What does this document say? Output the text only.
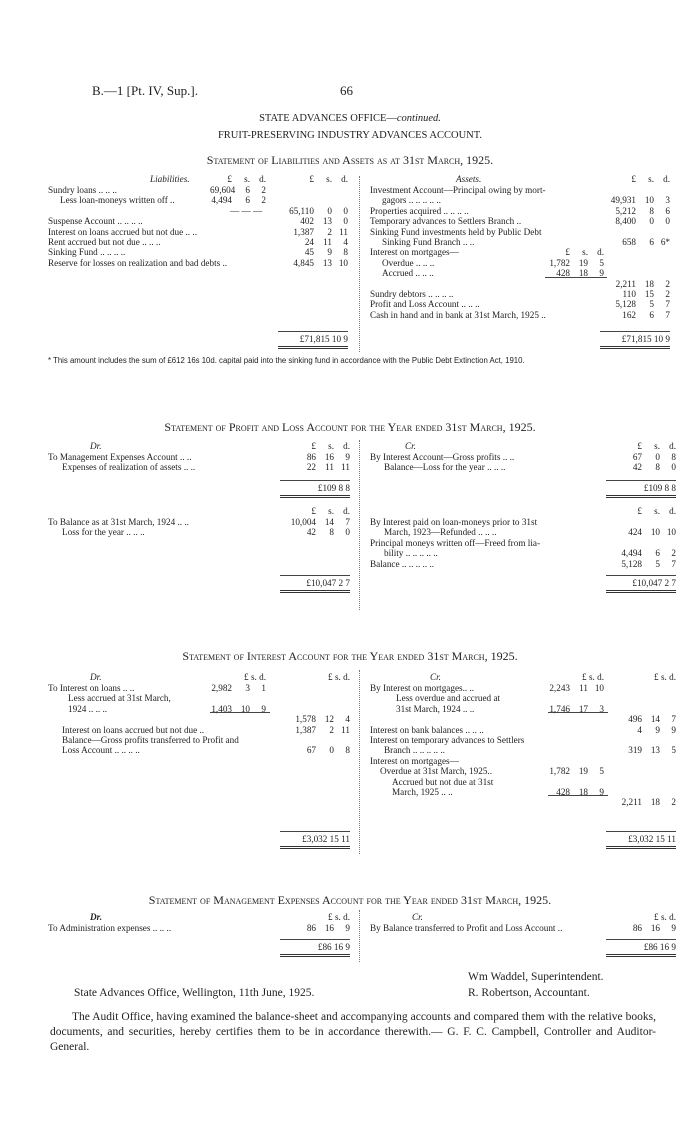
B.—1 [Pt. IV, Sup.].	66
STATE ADVANCES OFFICE—continued.
FRUIT-PRESERVING INDUSTRY ADVANCES ACCOUNT.
Statement of Liabilities and Assets as at 31st March, 1925.
Liabilities.	Assets.
£	s. d.	£	s. d.	£	s. d.
Sundry loans .. .. ..	69,604	6	2
Less loan-moneys written off ..	4,494	6	2
— — —	65,110	0	0
Suspense Account .. .. .. ..	402 13	0
Interest on loans accrued but not due .. ..	1,387	2 11
Rent accrued but not due .. .. ..	24 11	4
Sinking Fund .. .. .. ..	45	9	8
Reserve for losses on realization and bad debts ..	4,845 13 10
£71,815 10 9
Investment Account—Principal owing by mort-
gagors .. .. .. .. ..	49,931 10	3
Properties acquired .. .. .. ..	5,212	8	6
Temporary advances to Settlers Branch ..	8,400	0	0
Sinking Fund investments held by Public Debt
Sinking Fund Branch .. ..	658	6 6*
Interest on mortgages—	£	s. d.
Overdue .. .. ..	1,782 19	5
Accrued .. .. ..	428 18	9
2,211 18	2
Sundry debtors .. .. .. ..	110 15	2
Profit and Loss Account .. .. ..	5,128	5	7
Cash in hand and in bank at 31st March, 1925 ..	162	6	7
£71,815 10 9
* This amount includes the sum of £612 16s 10d. capital paid into the sinking fund in accordance with the Public Debt Extinction Act, 1910.
Statement of Profit and Loss Account for the Year ended 31st March, 1925.
Dr.	Cr.
£	s. d.	£	s. d.
To Management Expenses Account .. ..	86 16	9
Expenses of realization of assets .. ..	22 11 11
£109 8 8
By Interest Account—Gross profits .. ..	67	0	8
Balance—Loss for the year .. .. ..	42	8	0
£109 8 8
£	s. d.	£	s. d.
To Balance as at 31st March, 1924 .. ..	10,004 14	7
Loss for the year .. .. ..	42	8	0
£10,047 2 7
By Interest paid on loan-moneys prior to 31st
March, 1923—Refunded .. .. ..	424 10 10
Principal moneys written off—Freed from lia-
bility .. .. .. .. ..	4,494	6	2
Balance .. .. .. .. ..	5,128	5	7
£10,047 2 7
Statement of Interest Account for the Year ended 31st March, 1925.
Dr.	Cr.
£ s. d.	£ s. d.	£ s. d.	£ s. d.
To Interest on loans .. ..	2,982	3	1
Less accrued at 31st March,
1924 .. .. ..	1,403 10	9
1,578 12	4
Interest on loans accrued but not due ..	1,387	2 11
Balance—Gross profits transferred to Profit and
Loss Account .. .. .. ..	67	0	8
£3,032 15 11
By Interest on mortgages.. ..	2,243 11 10
Less overdue and accrued at
31st March, 1924 .. ..	1,746 17	3
496 14	7
Interest on bank balances .. .. ..	4	9	9
Interest on temporary advances to Settlers
Branch .. .. .. .. ..	319 13	5
Interest on mortgages—
Overdue at 31st March, 1925..	1,782 19	5
Accrued but not due at 31st
March, 1925 .. ..	428 18	9
2,211 18	2
£3,032 15 11
Statement of Management Expenses Account for the Year ended 31st March, 1925.
Dr.	Cr.
£ s. d.	£ s. d.
To Administration expenses .. .. ..	86 16	9
£86 16 9
By Balance transferred to Profit and Loss Account ..	86 16	9
£86 16 9
Wm Waddel, Superintendent.
R. Robertson, Accountant.
State Advances Office, Wellington, 11th June, 1925.
The Audit Office, having examined the balance-sheet and accompanying accounts and compared them with the relative books, documents, and securities, hereby certifies them to be in accordance therewith.— G. F. C. Campbell, Controller and Auditor-General.
